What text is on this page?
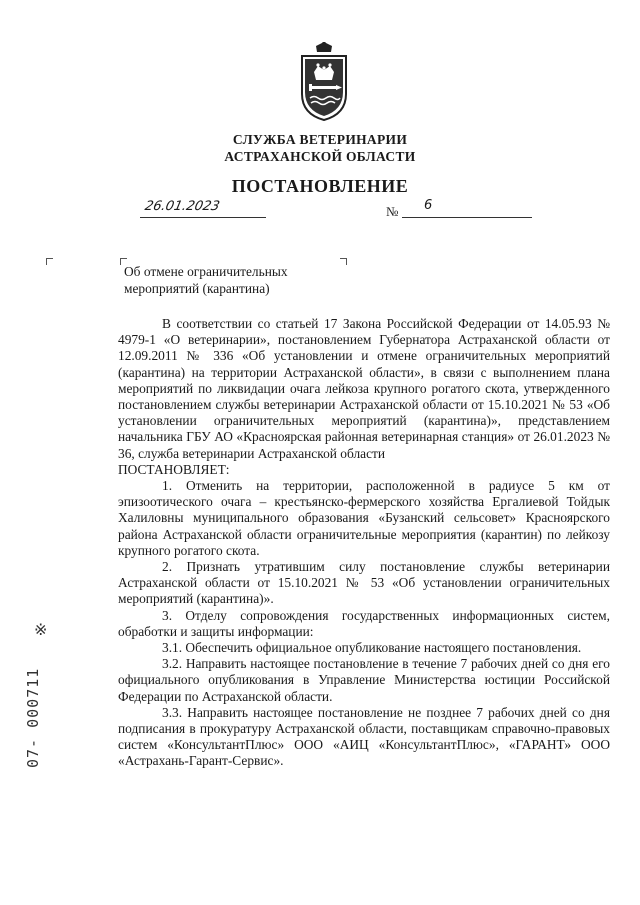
СЛУЖБА ВЕТЕРИНАРИИ
АСТРАХАНСКОЙ ОБЛАСТИ
ПОСТАНОВЛЕНИЕ
26.01.2023	№ 6
Об отмене ограничительных
мероприятий (карантина)

В соответствии со статьей 17 Закона Российской Федерации от 14.05.93 № 4979-1 «О ветеринарии», постановлением Губернатора Астраханской области от 12.09.2011 № 336 «Об установлении и отмене ограничительных мероприятий (карантина) на территории Астраханской области», в связи с выполнением плана мероприятий по ликвидации очага лейкоза крупного рогатого скота, утвержденного постановлением службы ветеринарии Астраханской области от 15.10.2021 № 53 «Об установлении ограничительных мероприятий (карантина)», представлением начальника ГБУ АО «Красноярская районная ветеринарная станция» от 26.01.2023 № 36, служба ветеринарии Астраханской области

ПОСТАНОВЛЯЕТ:

1. Отменить на территории, расположенной в радиусе 5 км от эпизоотического очага – крестьянско-фермерского хозяйства Ергалиевой Тойдык Халиловны муниципального образования «Бузанский сельсовет» Красноярского района Астраханской области ограничительные мероприятия (карантин) по лейкозу крупного рогатого скота.

2. Признать утратившим силу постановление службы ветеринарии Астраханской области от 15.10.2021 № 53 «Об установлении ограничительных мероприятий (карантина)».

3. Отделу сопровождения государственных информационных систем, обработки и защиты информации:

3.1. Обеспечить официальное опубликование настоящего постановления.

3.2. Направить настоящее постановление в течение 7 рабочих дней со дня его официального опубликования в Управление Министерства юстиции Российской Федерации по Астраханской области.

3.3. Направить настоящее постановление не позднее 7 рабочих дней со дня подписания в прокуратуру Астраханской области, поставщикам справочно-правовых систем «КонсультантПлюс» ООО «АИЦ «КонсультантПлюс», «ГАРАНТ» ООО «Астрахань-Гарант-Сервис».

※
07- 000711
